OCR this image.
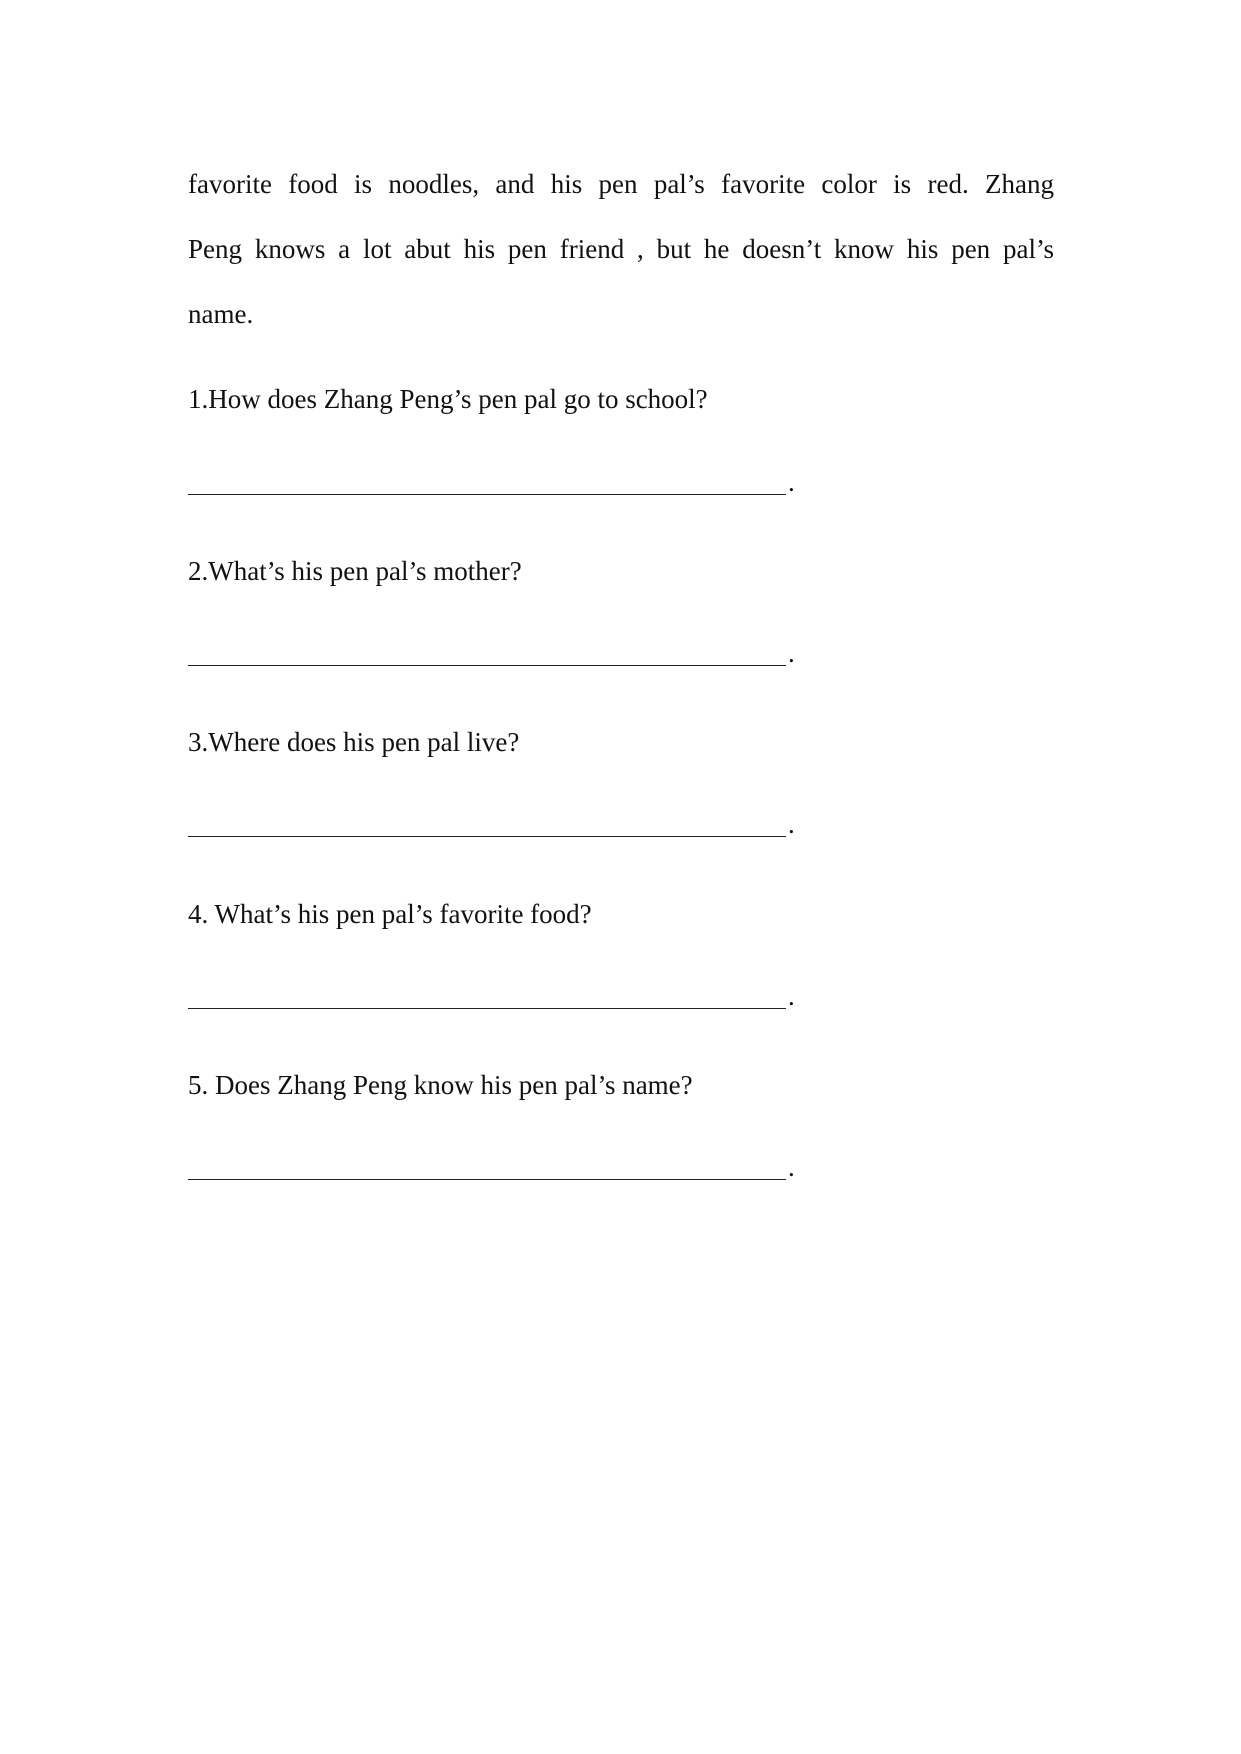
favorite food is noodles, and his pen pal’s favorite color is red. Zhang
Peng knows a lot abut his pen friend , but he doesn’t know his pen pal’s
name.
1.How does Zhang Peng’s pen pal go to school?
.
2.What’s his pen pal’s mother?
.
3.Where does his pen pal live?
.
4. What’s his pen pal’s favorite food?
.
5. Does Zhang Peng know his pen pal’s name?
.
